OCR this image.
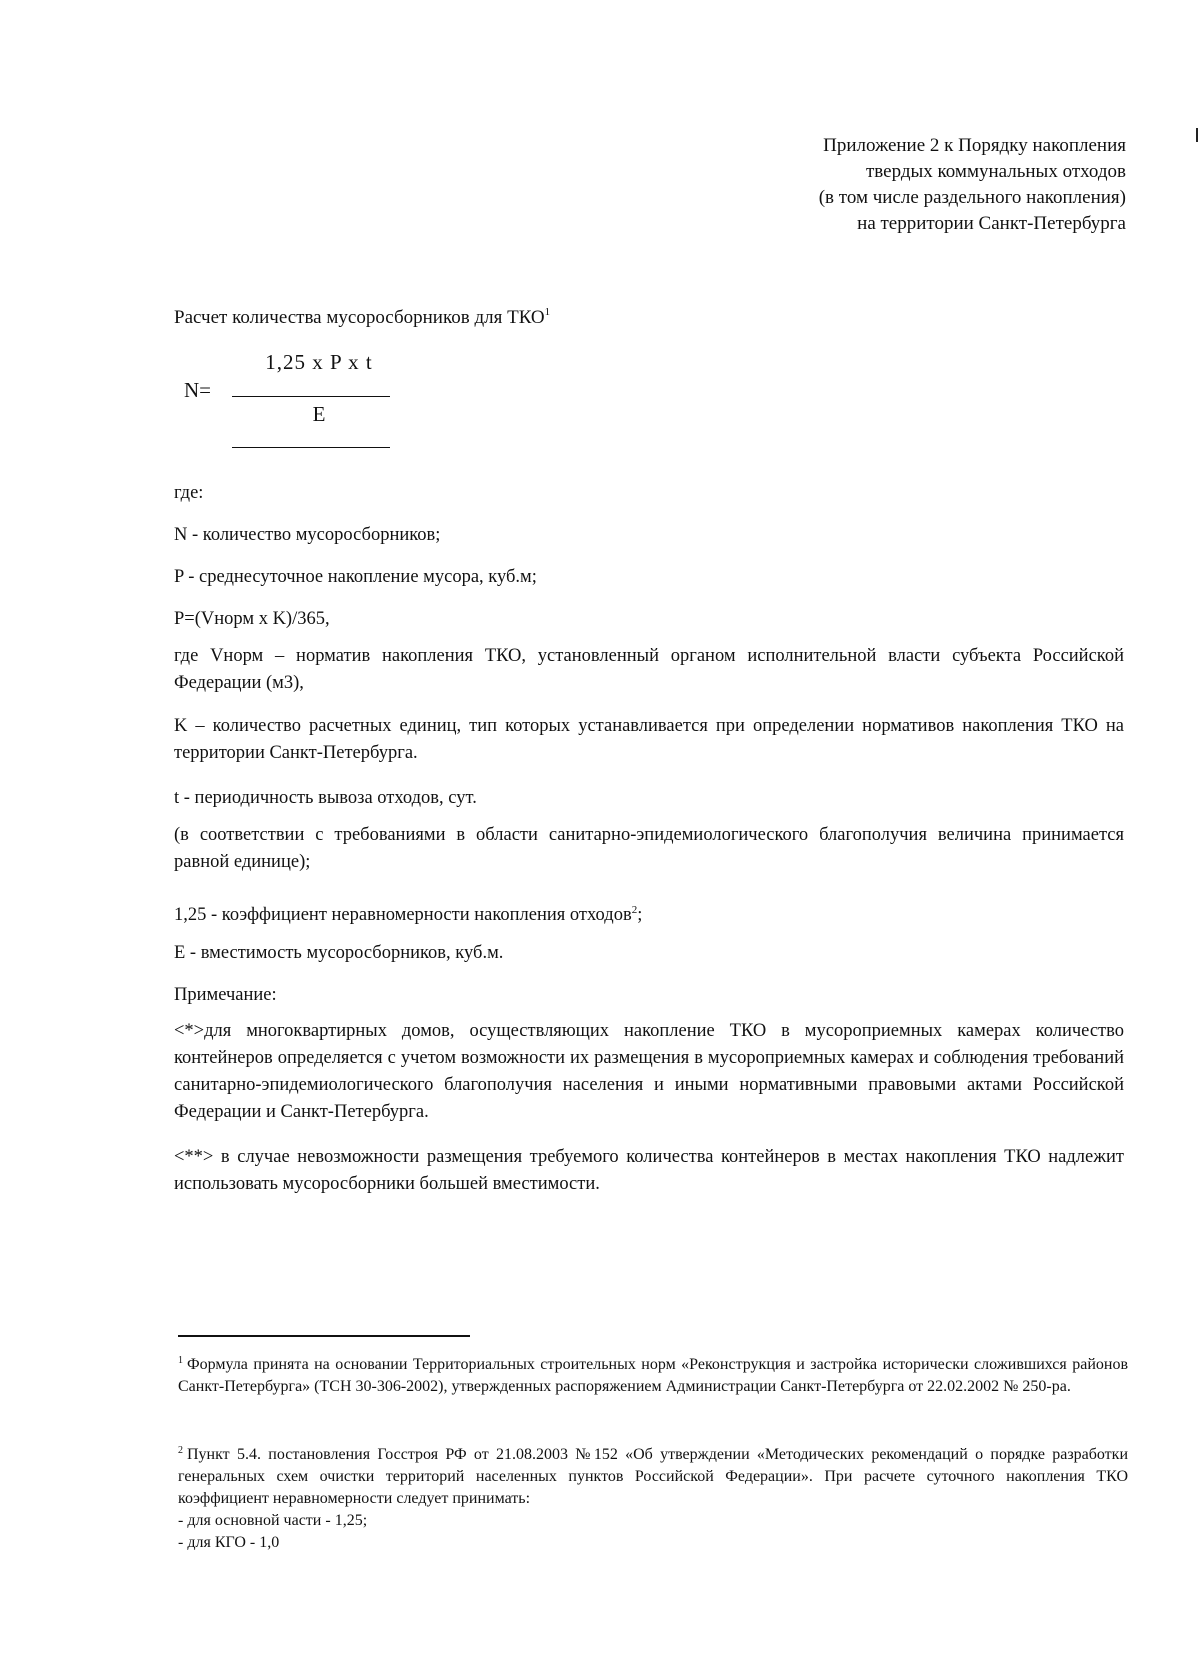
Приложение 2 к Порядку накопления
твердых коммунальных отходов
(в том числе раздельного накопления)
на территории Санкт-Петербурга
Расчет количества мусоросборников для ТКО$^1$
N=
1,25 x P x t
E
где:
N - количество мусоросборников;
P - среднесуточное накопление мусора, куб.м;
P=(Vнорм x K)/365,
где Vнорм – норматив накопления ТКО, установленный органом исполнительной власти субъекта Российской Федерации (м3),
K – количество расчетных единиц, тип которых устанавливается при определении нормативов накопления ТКО на территории Санкт-Петербурга.
t - периодичность вывоза отходов, сут.
(в соответствии с требованиями в области санитарно-эпидемиологического благополучия величина принимается равной единице);
1,25 - коэффициент неравномерности накопления отходов$^2$;
E - вместимость мусоросборников, куб.м.
Примечание:
<*>для многоквартирных домов, осуществляющих накопление ТКО в мусороприемных камерах количество контейнеров определяется с учетом возможности их размещения в мусороприемных камерах и соблюдения требований санитарно-эпидемиологического благополучия населения и иными нормативными правовыми актами Российской Федерации и Санкт-Петербурга.
<**> в случае невозможности размещения требуемого количества контейнеров в местах накопления ТКО надлежит использовать мусоросборники большей вместимости.
$^1$ Формула принята на основании Территориальных строительных норм «Реконструкция и застройка исторически сложившихся районов Санкт-Петербурга» (ТСН 30-306-2002), утвержденных распоряжением Администрации Санкт-Петербурга от 22.02.2002 № 250-ра.
$^2$ Пункт 5.4. постановления Госстроя РФ от 21.08.2003 №152 «Об утверждении «Методических рекомендаций о порядке разработки генеральных схем очистки территорий населенных пунктов Российской Федерации». При расчете суточного накопления ТКО коэффициент неравномерности следует принимать:
- для основной части - 1,25;
- для КГО - 1,0
